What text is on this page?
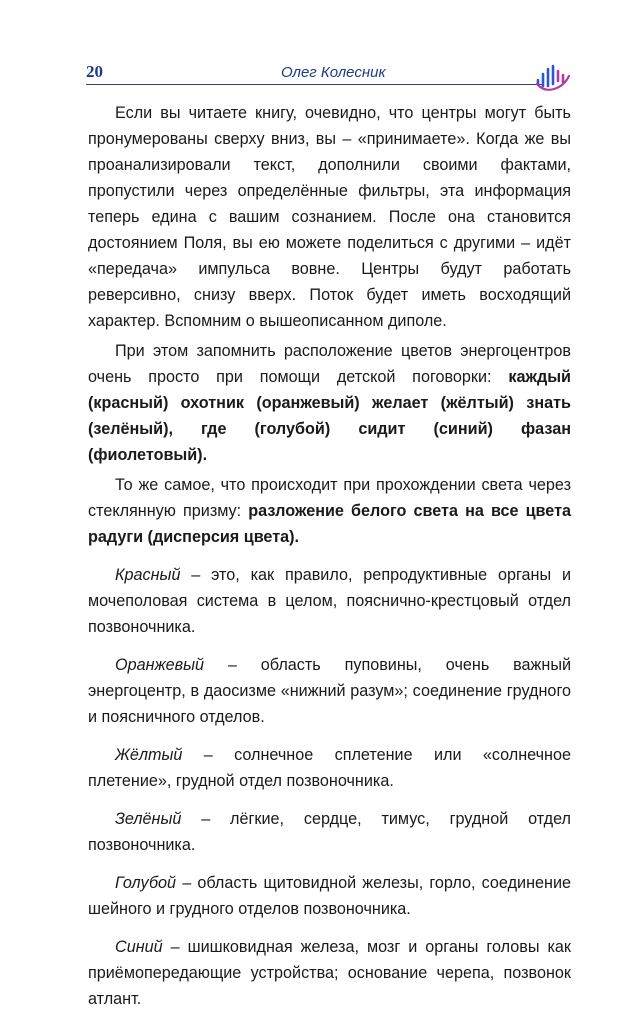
20	Олег Колесник

Если вы читаете книгу, очевидно, что центры могут быть пронумерованы сверху вниз, вы – «принимаете». Когда же вы проанализировали текст, дополнили своими фактами, пропустили через определённые фильтры, эта информация теперь едина с вашим сознанием. После она становится достоянием Поля, вы ею можете поделиться с другими – идёт «передача» импульса вовне. Центры будут работать реверсивно, снизу вверх. Поток будет иметь восходящий характер. Вспомним о вышеописанном диполе.

При этом запомнить расположение цветов энергоцентров очень просто при помощи детской поговорки: каждый (красный) охотник (оранжевый) желает (жёлтый) знать (зелёный), где (голубой) сидит (синий) фазан (фиолетовый).

То же самое, что происходит при прохождении света через стеклянную призму: разложение белого света на все цвета радуги (дисперсия цвета).

Красный – это, как правило, репродуктивные органы и мочеполовая система в целом, пояснично-крестцовый отдел позвоночника.

Оранжевый – область пуповины, очень важный энергоцентр, в даосизме «нижний разум»; соединение грудного и поясничного отделов.

Жёлтый – солнечное сплетение или «солнечное плетение», грудной отдел позвоночника.

Зелёный – лёгкие, сердце, тимус, грудной отдел позвоночника.

Голубой – область щитовидной железы, горло, соединение шейного и грудного отделов позвоночника.

Синий – шишковидная железа, мозг и органы головы как приёмопередающие устройства; основание черепа, позвонок атлант.
